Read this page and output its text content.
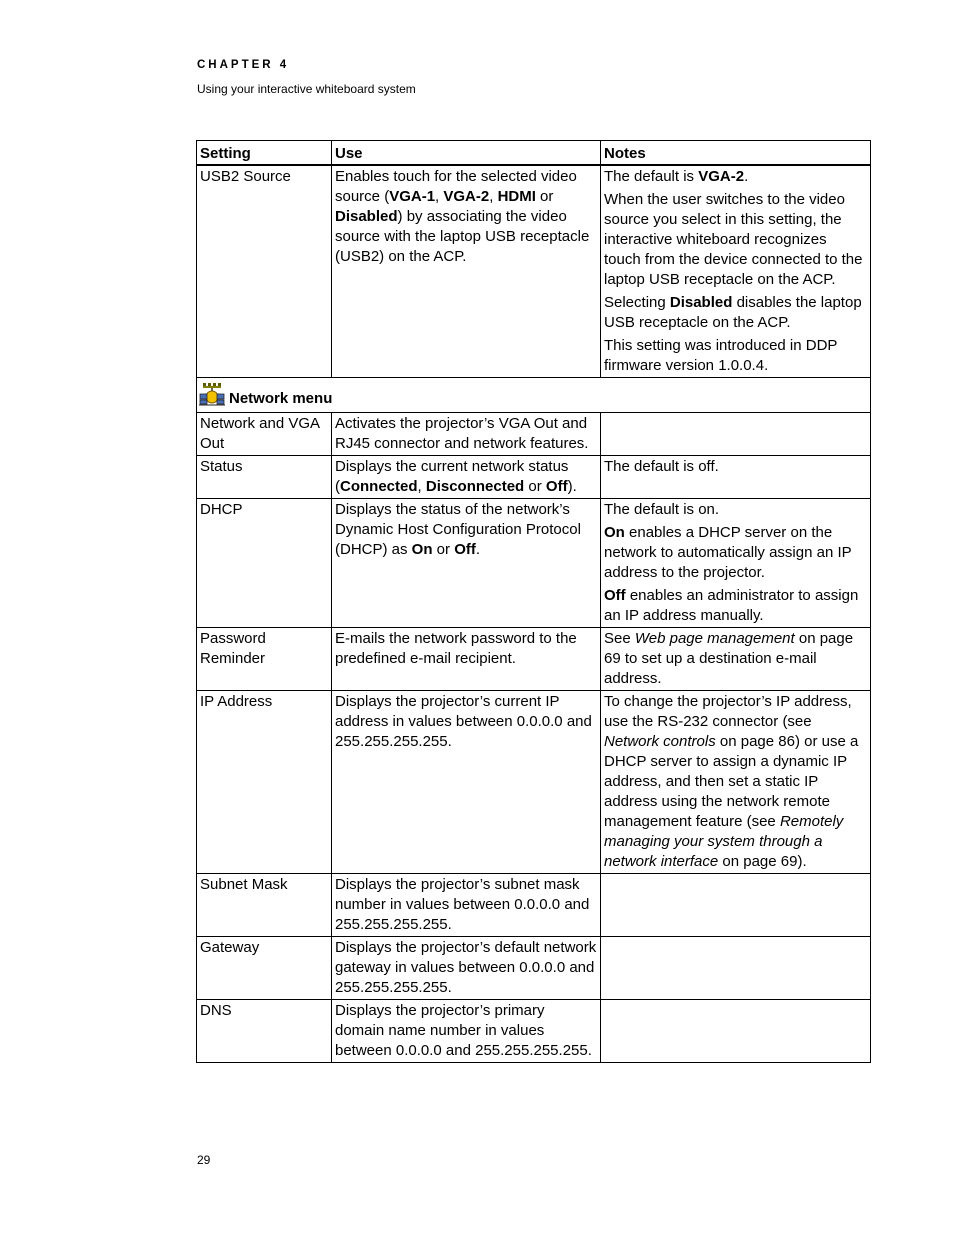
CHAPTER 4
Using your interactive whiteboard system
Setting	Use	Notes
USB2 Source	Enables touch for the selected video source (VGA-1, VGA-2, HDMI or Disabled) by associating the video source with the laptop USB receptacle (USB2) on the ACP.	The default is VGA-2.

When the user switches to the video source you select in this setting, the interactive whiteboard recognizes touch from the device connected to the laptop USB receptacle on the ACP.

Selecting Disabled disables the laptop USB receptacle on the ACP.

This setting was introduced in DDP firmware version 1.0.0.4.

Network menu		
Network and VGA Out	Activates the projector’s VGA Out and RJ45 connector and network features.	
Status	Displays the current network status (Connected, Disconnected or Off).	The default is off.
DHCP	Displays the status of the network’s Dynamic Host Configuration Protocol (DHCP) as On or Off.	The default is on.

On enables a DHCP server on the network to automatically assign an IP address to the projector.

Off enables an administrator to assign an IP address manually.

Password Reminder	E-mails the network password to the predefined e-mail recipient.	See Web page management on page 69 to set up a destination e-mail address.
IP Address	Displays the projector’s current IP address in values between 0.0.0.0 and 255.255.255.255.	To change the projector’s IP address, use the RS-232 connector (see Network controls on page 86) or use a DHCP server to assign a dynamic IP address, and then set a static IP address using the network remote management feature (see Remotely managing your system through a network interface on page 69).
Subnet Mask	Displays the projector’s subnet mask number in values between 0.0.0.0 and 255.255.255.255.	
Gateway	Displays the projector’s default network gateway in values between 0.0.0.0 and 255.255.255.255.	
DNS	Displays the projector’s primary domain name number in values between 0.0.0.0 and 255.255.255.255.	
29
